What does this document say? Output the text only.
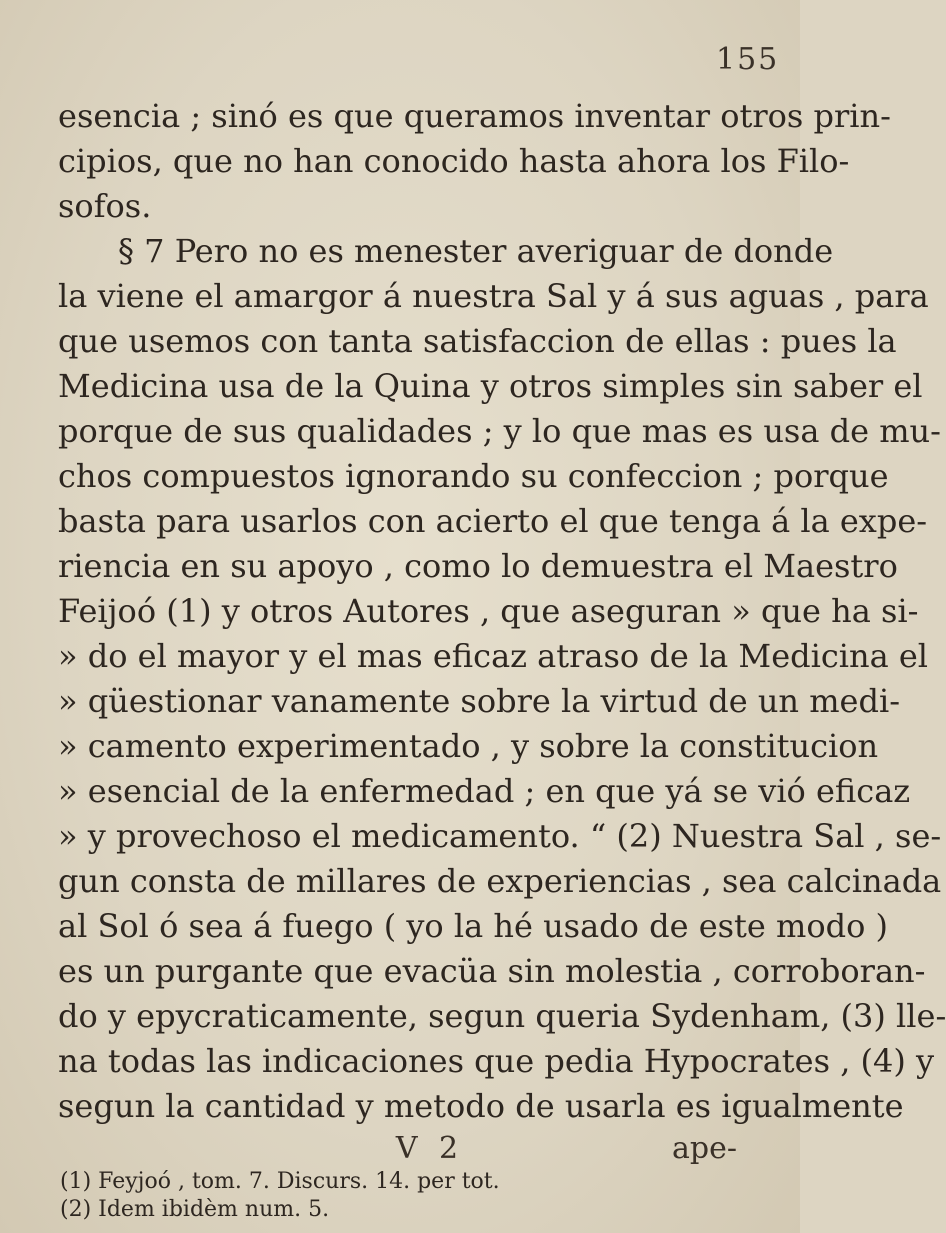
155
esencia ; sinó es que queramos inventar otros prin-
cipios, que no han conocido hasta ahora los Filo-
sofos.
§ 7 Pero no es menester averiguar de donde
la viene el amargor á nuestra Sal y á sus aguas , para
que usemos con tanta satisfaccion de ellas : pues la
Medicina usa de la Quina y otros simples sin saber el
porque de sus qualidades ; y lo que mas es usa de mu-
chos compuestos ignorando su confeccion ; porque
basta para usarlos con acierto el que tenga á la expe-
riencia en su apoyo , como lo demuestra el Maestro
Feijoó (1) y otros Autores , que aseguran » que ha si-
» do el mayor y el mas eficaz atraso de la Medicina el
» qüestionar vanamente sobre la virtud de un medi-
» camento experimentado , y sobre la constitucion
» esencial de la enfermedad ; en que yá se vió eficaz
» y provechoso el medicamento. “ (2) Nuestra Sal , se-
gun consta de millares de experiencias , sea calcinada
al Sol ó sea á fuego ( yo la hé usado de este modo )
es un purgante que evacüa sin molestia , corroboran-
do y epycraticamente, segun queria Sydenham, (3) lle-
na todas las indicaciones que pedia Hypocrates , (4) y
segun la cantidad y metodo de usarla es igualmente
V 2	ape-
(1) Feyjoó , tom. 7. Discurs. 14. per tot.
(2) Idem ibidèm num. 5.
